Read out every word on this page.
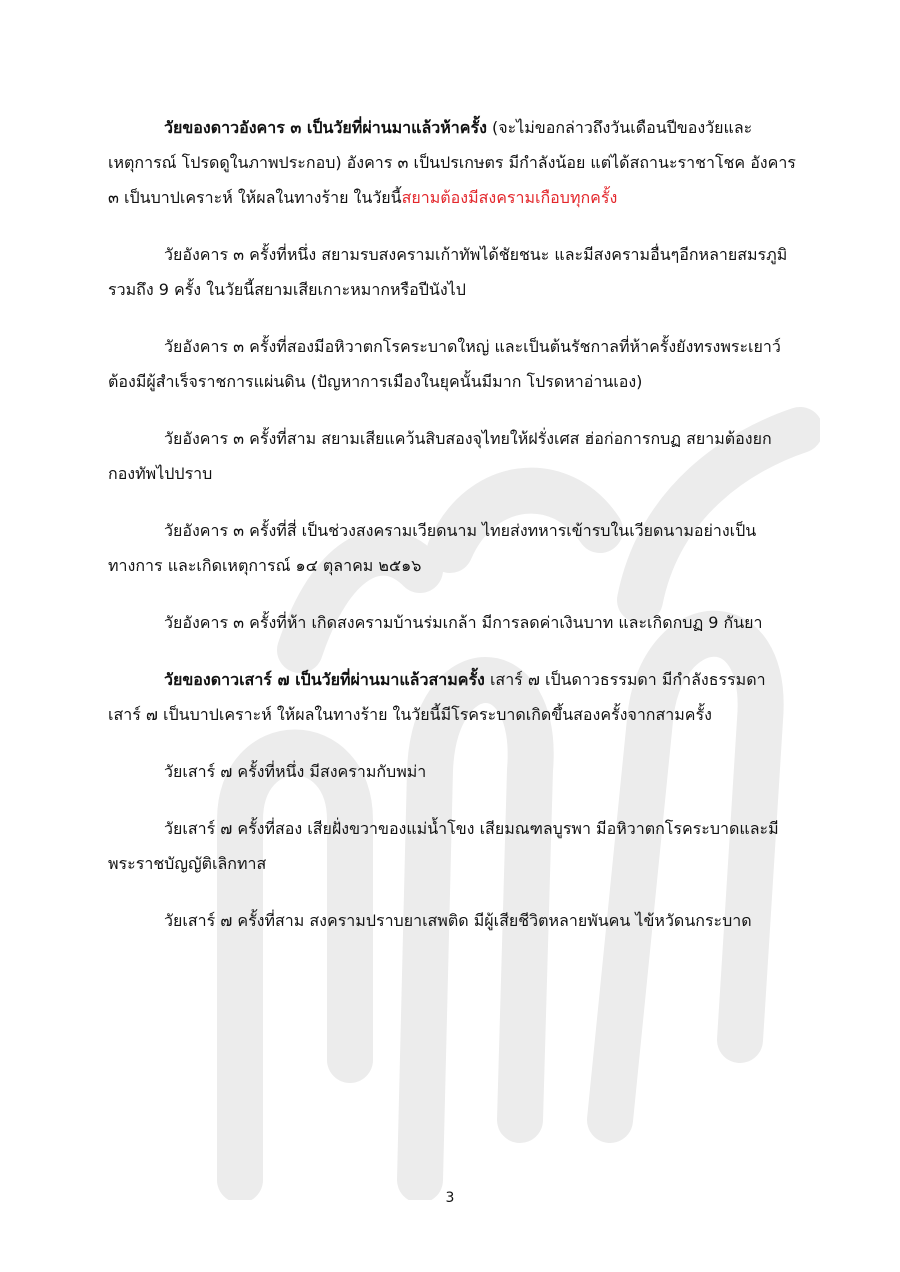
วัยของดาวอังคาร ๓ เป็นวัยที่ผ่านมาแล้วห้าครั้ง (จะไม่ขอกล่าวถึงวันเดือนปีของวัยและเหตุการณ์ โปรดดูในภาพประกอบ) อังคาร ๓ เป็นปรเกษตร มีกำลังน้อย แต่ได้สถานะราชาโชค อังคาร ๓ เป็นบาปเคราะห์ ให้ผลในทางร้าย ในวัยนี้สยามต้องมีสงครามเกือบทุกครั้ง

วัยอังคาร ๓ ครั้งที่หนึ่ง สยามรบสงครามเก้าทัพได้ชัยชนะ และมีสงครามอื่นๆอีกหลายสมรภูมิรวมถึง 9 ครั้ง ในวัยนี้สยามเสียเกาะหมากหรือปีนังไป

วัยอังคาร ๓ ครั้งที่สองมีอหิวาตกโรคระบาดใหญ่ และเป็นต้นรัชกาลที่ห้าครั้งยังทรงพระเยาว์ ต้องมีผู้สำเร็จราชการแผ่นดิน (ปัญหาการเมืองในยุคนั้นมีมาก โปรดหาอ่านเอง)

วัยอังคาร ๓ ครั้งที่สาม สยามเสียแคว้นสิบสองจุไทยให้ฝรั่งเศส ฮ่อก่อการกบฏ สยามต้องยกกองทัพไปปราบ

วัยอังคาร ๓ ครั้งที่สี่ เป็นช่วงสงครามเวียดนาม ไทยส่งทหารเข้ารบในเวียดนามอย่างเป็นทางการ และเกิดเหตุการณ์ ๑๔ ตุลาคม ๒๕๑๖

วัยอังคาร ๓ ครั้งที่ห้า เกิดสงครามบ้านร่มเกล้า มีการลดค่าเงินบาท และเกิดกบฏ 9 กันยา

วัยของดาวเสาร์ ๗ เป็นวัยที่ผ่านมาแล้วสามครั้ง เสาร์ ๗ เป็นดาวธรรมดา มีกำลังธรรมดา เสาร์ ๗ เป็นบาปเคราะห์ ให้ผลในทางร้าย ในวัยนี้มีโรคระบาดเกิดขึ้นสองครั้งจากสามครั้ง

วัยเสาร์ ๗ ครั้งที่หนึ่ง มีสงครามกับพม่า

วัยเสาร์ ๗ ครั้งที่สอง เสียฝั่งขวาของแม่น้ำโขง เสียมณฑลบูรพา มีอหิวาตกโรคระบาดและมีพระราชบัญญัติเลิกทาส

วัยเสาร์ ๗ ครั้งที่สาม สงครามปราบยาเสพติด มีผู้เสียชีวิตหลายพันคน ไข้หวัดนกระบาด

3
